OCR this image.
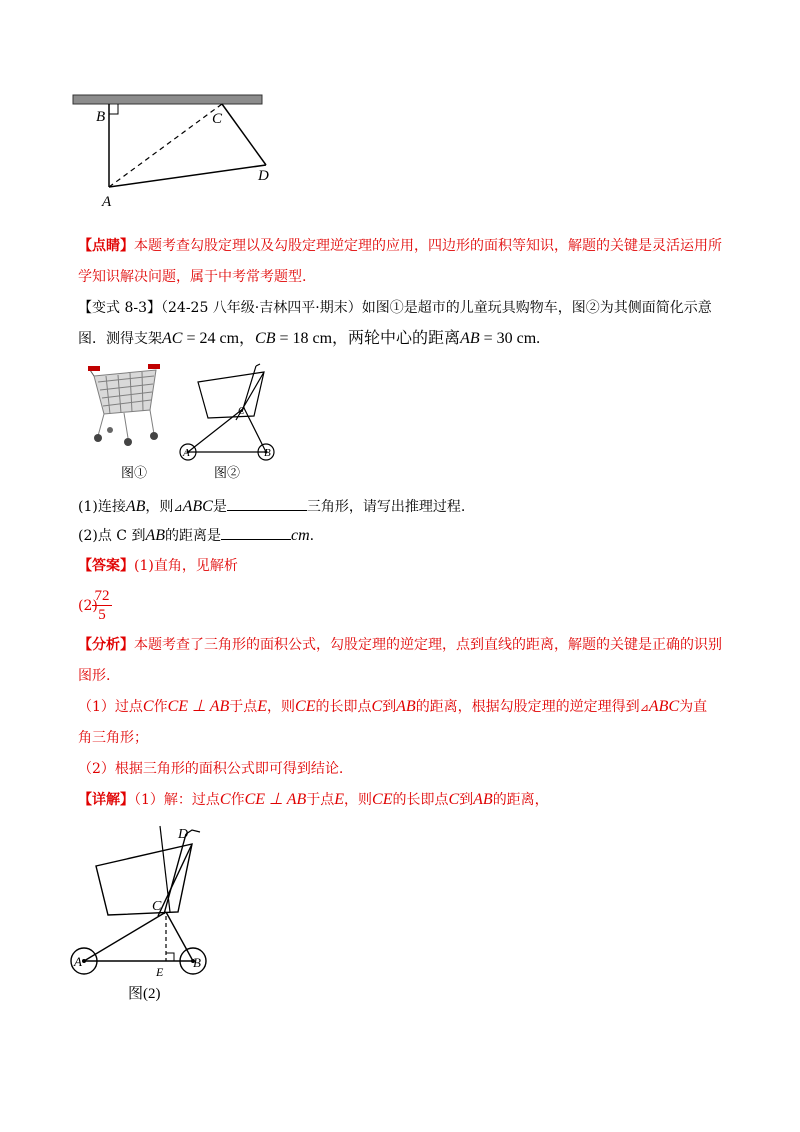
B	C
D
A
【点睛】本题考查勾股定理以及勾股定理逆定理的应用，四边形的面积等知识，解题的关键是灵活运用所
学知识解决问题，属于中考常考题型.
【变式 8-3】（24-25 八年级·吉林四平·期末）如图①是超市的儿童玩具购物车，图②为其侧面简化示意
图．测得支架AC = 24 cm，CB = 18 cm，两轮中心的距离AB = 30 cm.
图①
A	B
C
图②
(1)连接AB，则⊿ABC是	三角形，请写出推理过程.
(2)点 C 到AB的距离是	cm.
【答案】(1)直角，见解析
(2)
72
5
【分析】本题考查了三角形的面积公式，勾股定理的逆定理，点到直线的距离，解题的关键是正确的识别
图形.
（1）过点C作CE ⊥ AB于点E，则CE的长即点C到AB的距离，根据勾股定理的逆定理得到⊿ABC为直
角三角形；
（2）根据三角形的面积公式即可得到结论.
【详解】（1）解：过点C作CE ⊥ AB于点E，则CE的长即点C到AB的距离，
A	B
C
D
E
图(2)
